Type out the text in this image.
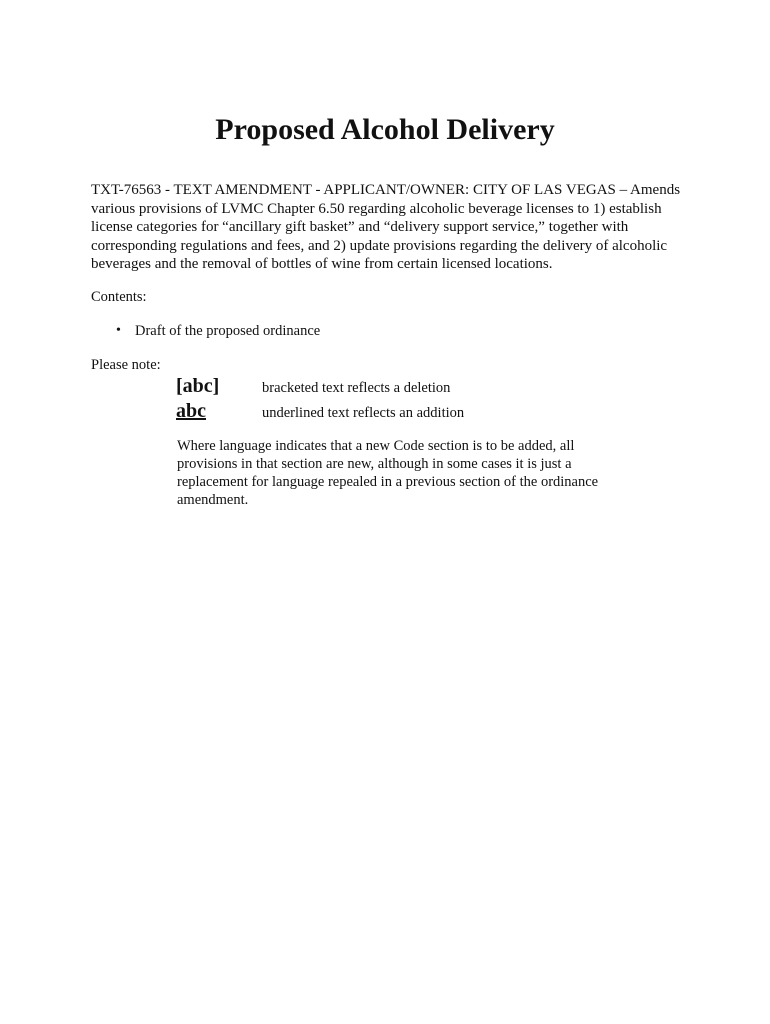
Proposed Alcohol Delivery

TXT-76563 - TEXT AMENDMENT - APPLICANT/OWNER: CITY OF LAS VEGAS – Amends various provisions of LVMC Chapter 6.50 regarding alcoholic beverage licenses to 1) establish license categories for “ancillary gift basket” and “delivery support service,” together with corresponding regulations and fees, and 2) update provisions regarding the delivery of alcoholic beverages and the removal of bottles of wine from certain licensed locations.

Contents:

• Draft of the proposed ordinance

Please note:

[abc]	bracketed text reflects a deletion
abc	underlined text reflects an addition

Where language indicates that a new Code section is to be added, all provisions in that section are new, although in some cases it is just a replacement for language repealed in a previous section of the ordinance amendment.
